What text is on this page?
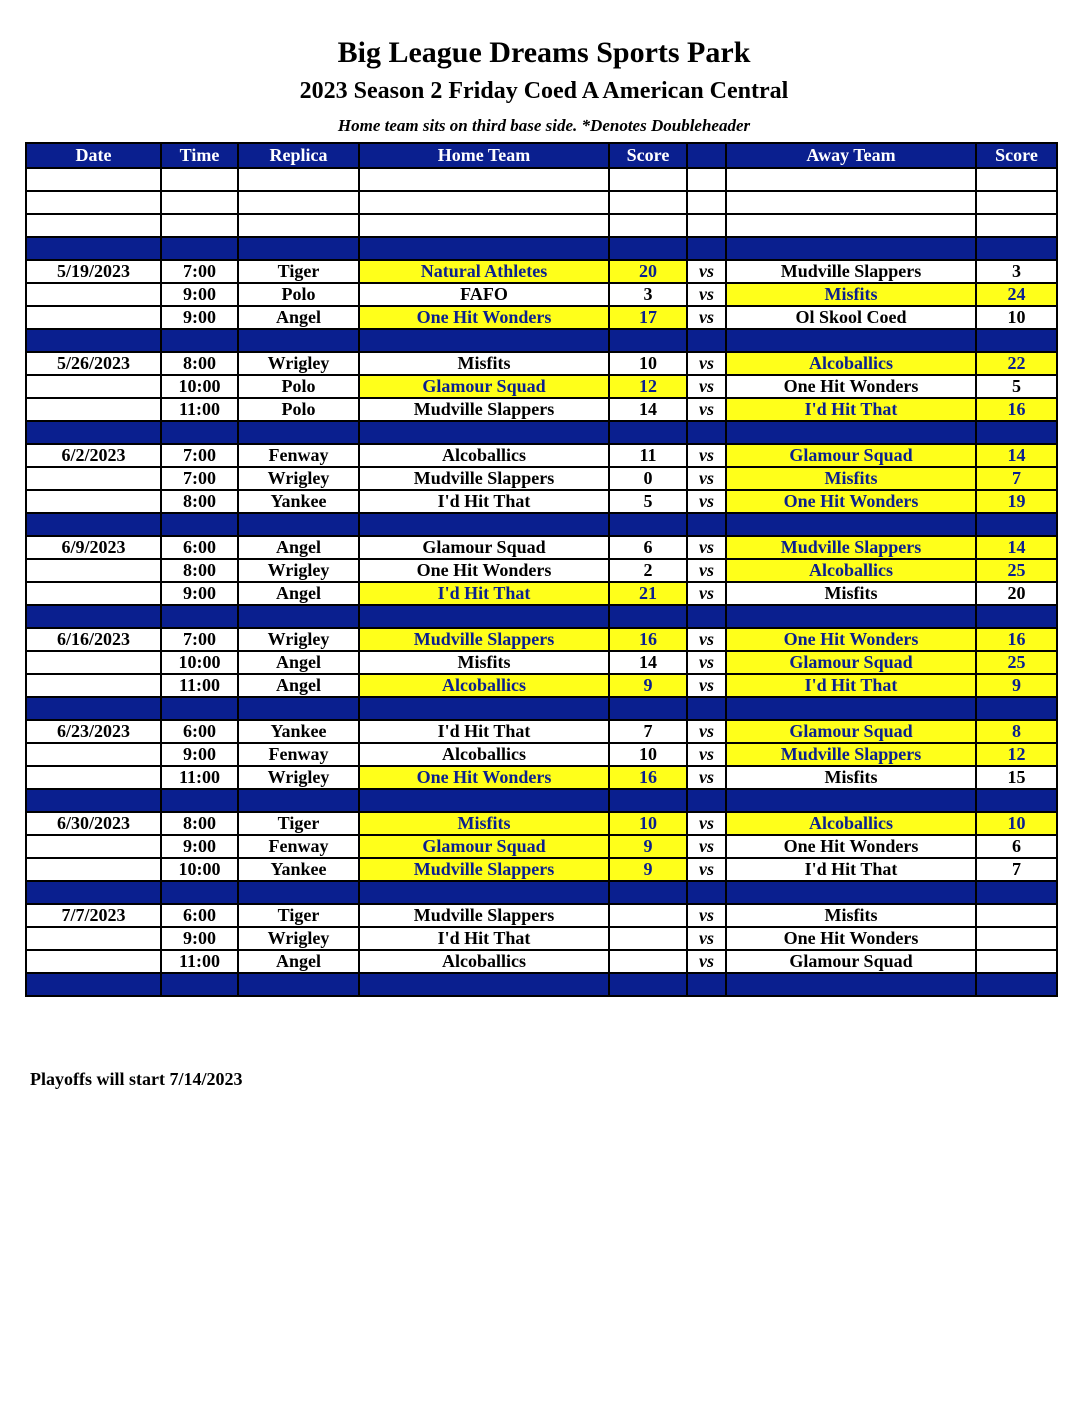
Big League Dreams Sports Park
2023 Season 2 Friday Coed A American Central
Home team sits on third base side. *Denotes Doubleheader
Date	Time	Replica	Home Team	Score		Away Team	Score

5/19/2023	7:00	Tiger	Natural Athletes	20	vs	Mudville Slappers	3
	9:00	Polo	FAFO	3	vs	Misfits	24
	9:00	Angel	One Hit Wonders	17	vs	Ol Skool Coed	10

5/26/2023	8:00	Wrigley	Misfits	10	vs	Alcoballics	22
	10:00	Polo	Glamour Squad	12	vs	One Hit Wonders	5
	11:00	Polo	Mudville Slappers	14	vs	I'd Hit That	16

6/2/2023	7:00	Fenway	Alcoballics	11	vs	Glamour Squad	14
	7:00	Wrigley	Mudville Slappers	0	vs	Misfits	7
	8:00	Yankee	I'd Hit That	5	vs	One Hit Wonders	19

6/9/2023	6:00	Angel	Glamour Squad	6	vs	Mudville Slappers	14
	8:00	Wrigley	One Hit Wonders	2	vs	Alcoballics	25
	9:00	Angel	I'd Hit That	21	vs	Misfits	20

6/16/2023	7:00	Wrigley	Mudville Slappers	16	vs	One Hit Wonders	16
	10:00	Angel	Misfits	14	vs	Glamour Squad	25
	11:00	Angel	Alcoballics	9	vs	I'd Hit That	9

6/23/2023	6:00	Yankee	I'd Hit That	7	vs	Glamour Squad	8
	9:00	Fenway	Alcoballics	10	vs	Mudville Slappers	12
	11:00	Wrigley	One Hit Wonders	16	vs	Misfits	15

6/30/2023	8:00	Tiger	Misfits	10	vs	Alcoballics	10
	9:00	Fenway	Glamour Squad	9	vs	One Hit Wonders	6
	10:00	Yankee	Mudville Slappers	9	vs	I'd Hit That	7

7/7/2023	6:00	Tiger	Mudville Slappers		vs	Misfits	
	9:00	Wrigley	I'd Hit That		vs	One Hit Wonders	
	11:00	Angel	Alcoballics		vs	Glamour Squad	

Playoffs will start 7/14/2023
